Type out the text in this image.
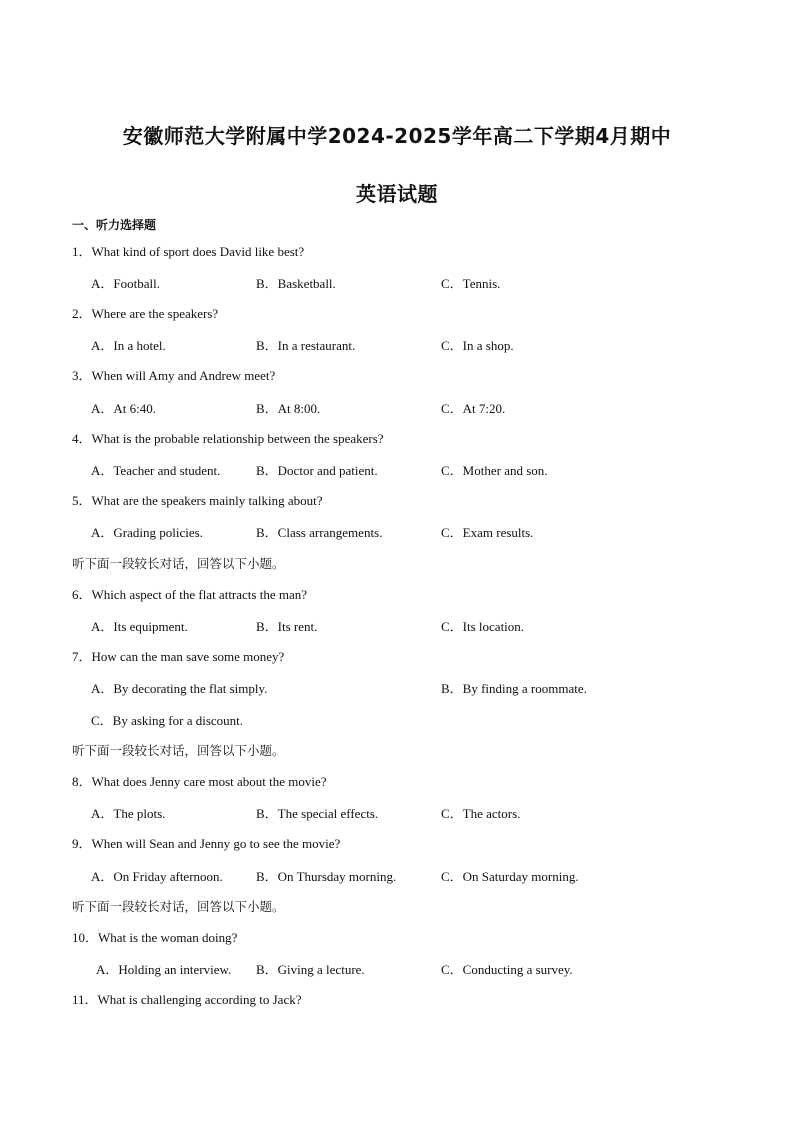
安徽师范大学附属中学2024-2025学年高二下学期4月期中
英语试题
一、听力选择题
1．What kind of sport does David like best?
A．Football.	B．Basketball.	C．Tennis.
2．Where are the speakers?
A．In a hotel.	B．In a restaurant.	C．In a shop.
3．When will Amy and Andrew meet?
A．At 6:40.	B．At 8:00.	C．At 7:20.
4．What is the probable relationship between the speakers?
A．Teacher and student.	B．Doctor and patient.	C．Mother and son.
5．What are the speakers mainly talking about?
A．Grading policies.	B．Class arrangements.	C．Exam results.
听下面一段较长对话，回答以下小题。
6．Which aspect of the flat attracts the man?
A．Its equipment.	B．Its rent.	C．Its location.
7．How can the man save some money?
A．By decorating the flat simply.	B．By finding a roommate.
C．By asking for a discount.
听下面一段较长对话，回答以下小题。
8．What does Jenny care most about the movie?
A．The plots.	B．The special effects.	C．The actors.
9．When will Sean and Jenny go to see the movie?
A．On Friday afternoon.	B．On Thursday morning.	C．On Saturday morning.
听下面一段较长对话，回答以下小题。
10．What is the woman doing?
A．Holding an interview. B．Giving a lecture.	C．Conducting a survey.
11．What is challenging according to Jack?
